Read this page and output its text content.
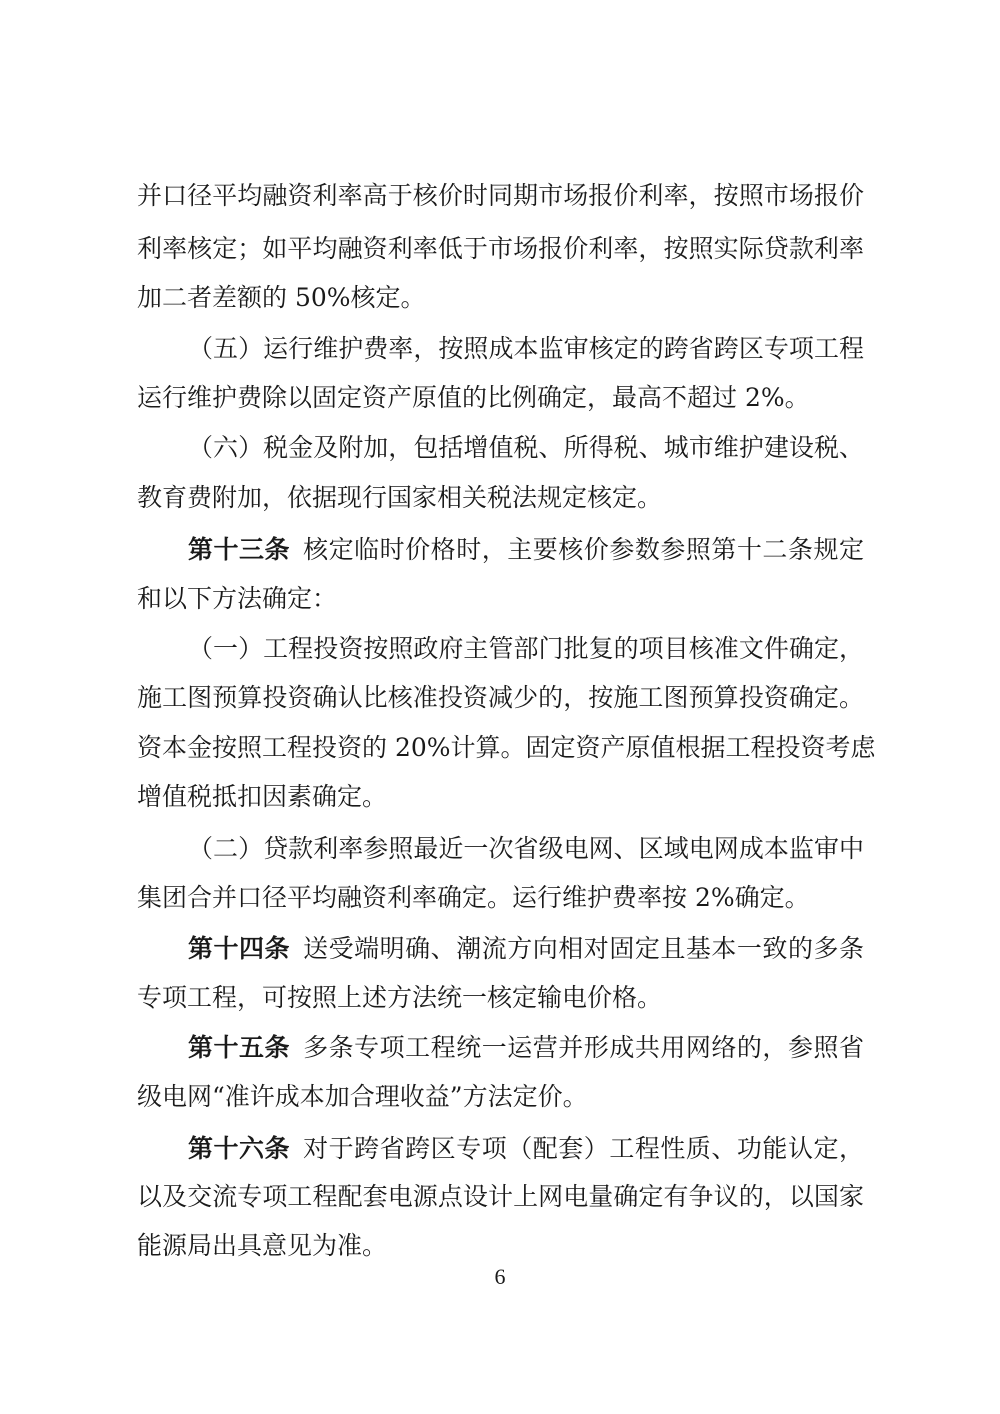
并口径平均融资利率高于核价时同期市场报价利率，按照市场报价
利率核定；如平均融资利率低于市场报价利率，按照实际贷款利率
加二者差额的 50%核定。
（五）运行维护费率，按照成本监审核定的跨省跨区专项工程
运行维护费除以固定资产原值的比例确定，最高不超过 2%。
（六）税金及附加，包括增值税、所得税、城市维护建设税、
教育费附加，依据现行国家相关税法规定核定。
第十三条  核定临时价格时，主要核价参数参照第十二条规定
和以下方法确定：
（一）工程投资按照政府主管部门批复的项目核准文件确定，
施工图预算投资确认比核准投资减少的，按施工图预算投资确定。
资本金按照工程投资的 20%计算。固定资产原值根据工程投资考虑
增值税抵扣因素确定。
（二）贷款利率参照最近一次省级电网、区域电网成本监审中
集团合并口径平均融资利率确定。运行维护费率按 2%确定。
第十四条  送受端明确、潮流方向相对固定且基本一致的多条
专项工程，可按照上述方法统一核定输电价格。
第十五条  多条专项工程统一运营并形成共用网络的，参照省
级电网“准许成本加合理收益”方法定价。
第十六条  对于跨省跨区专项（配套）工程性质、功能认定，
以及交流专项工程配套电源点设计上网电量确定有争议的，以国家
能源局出具意见为准。
6
